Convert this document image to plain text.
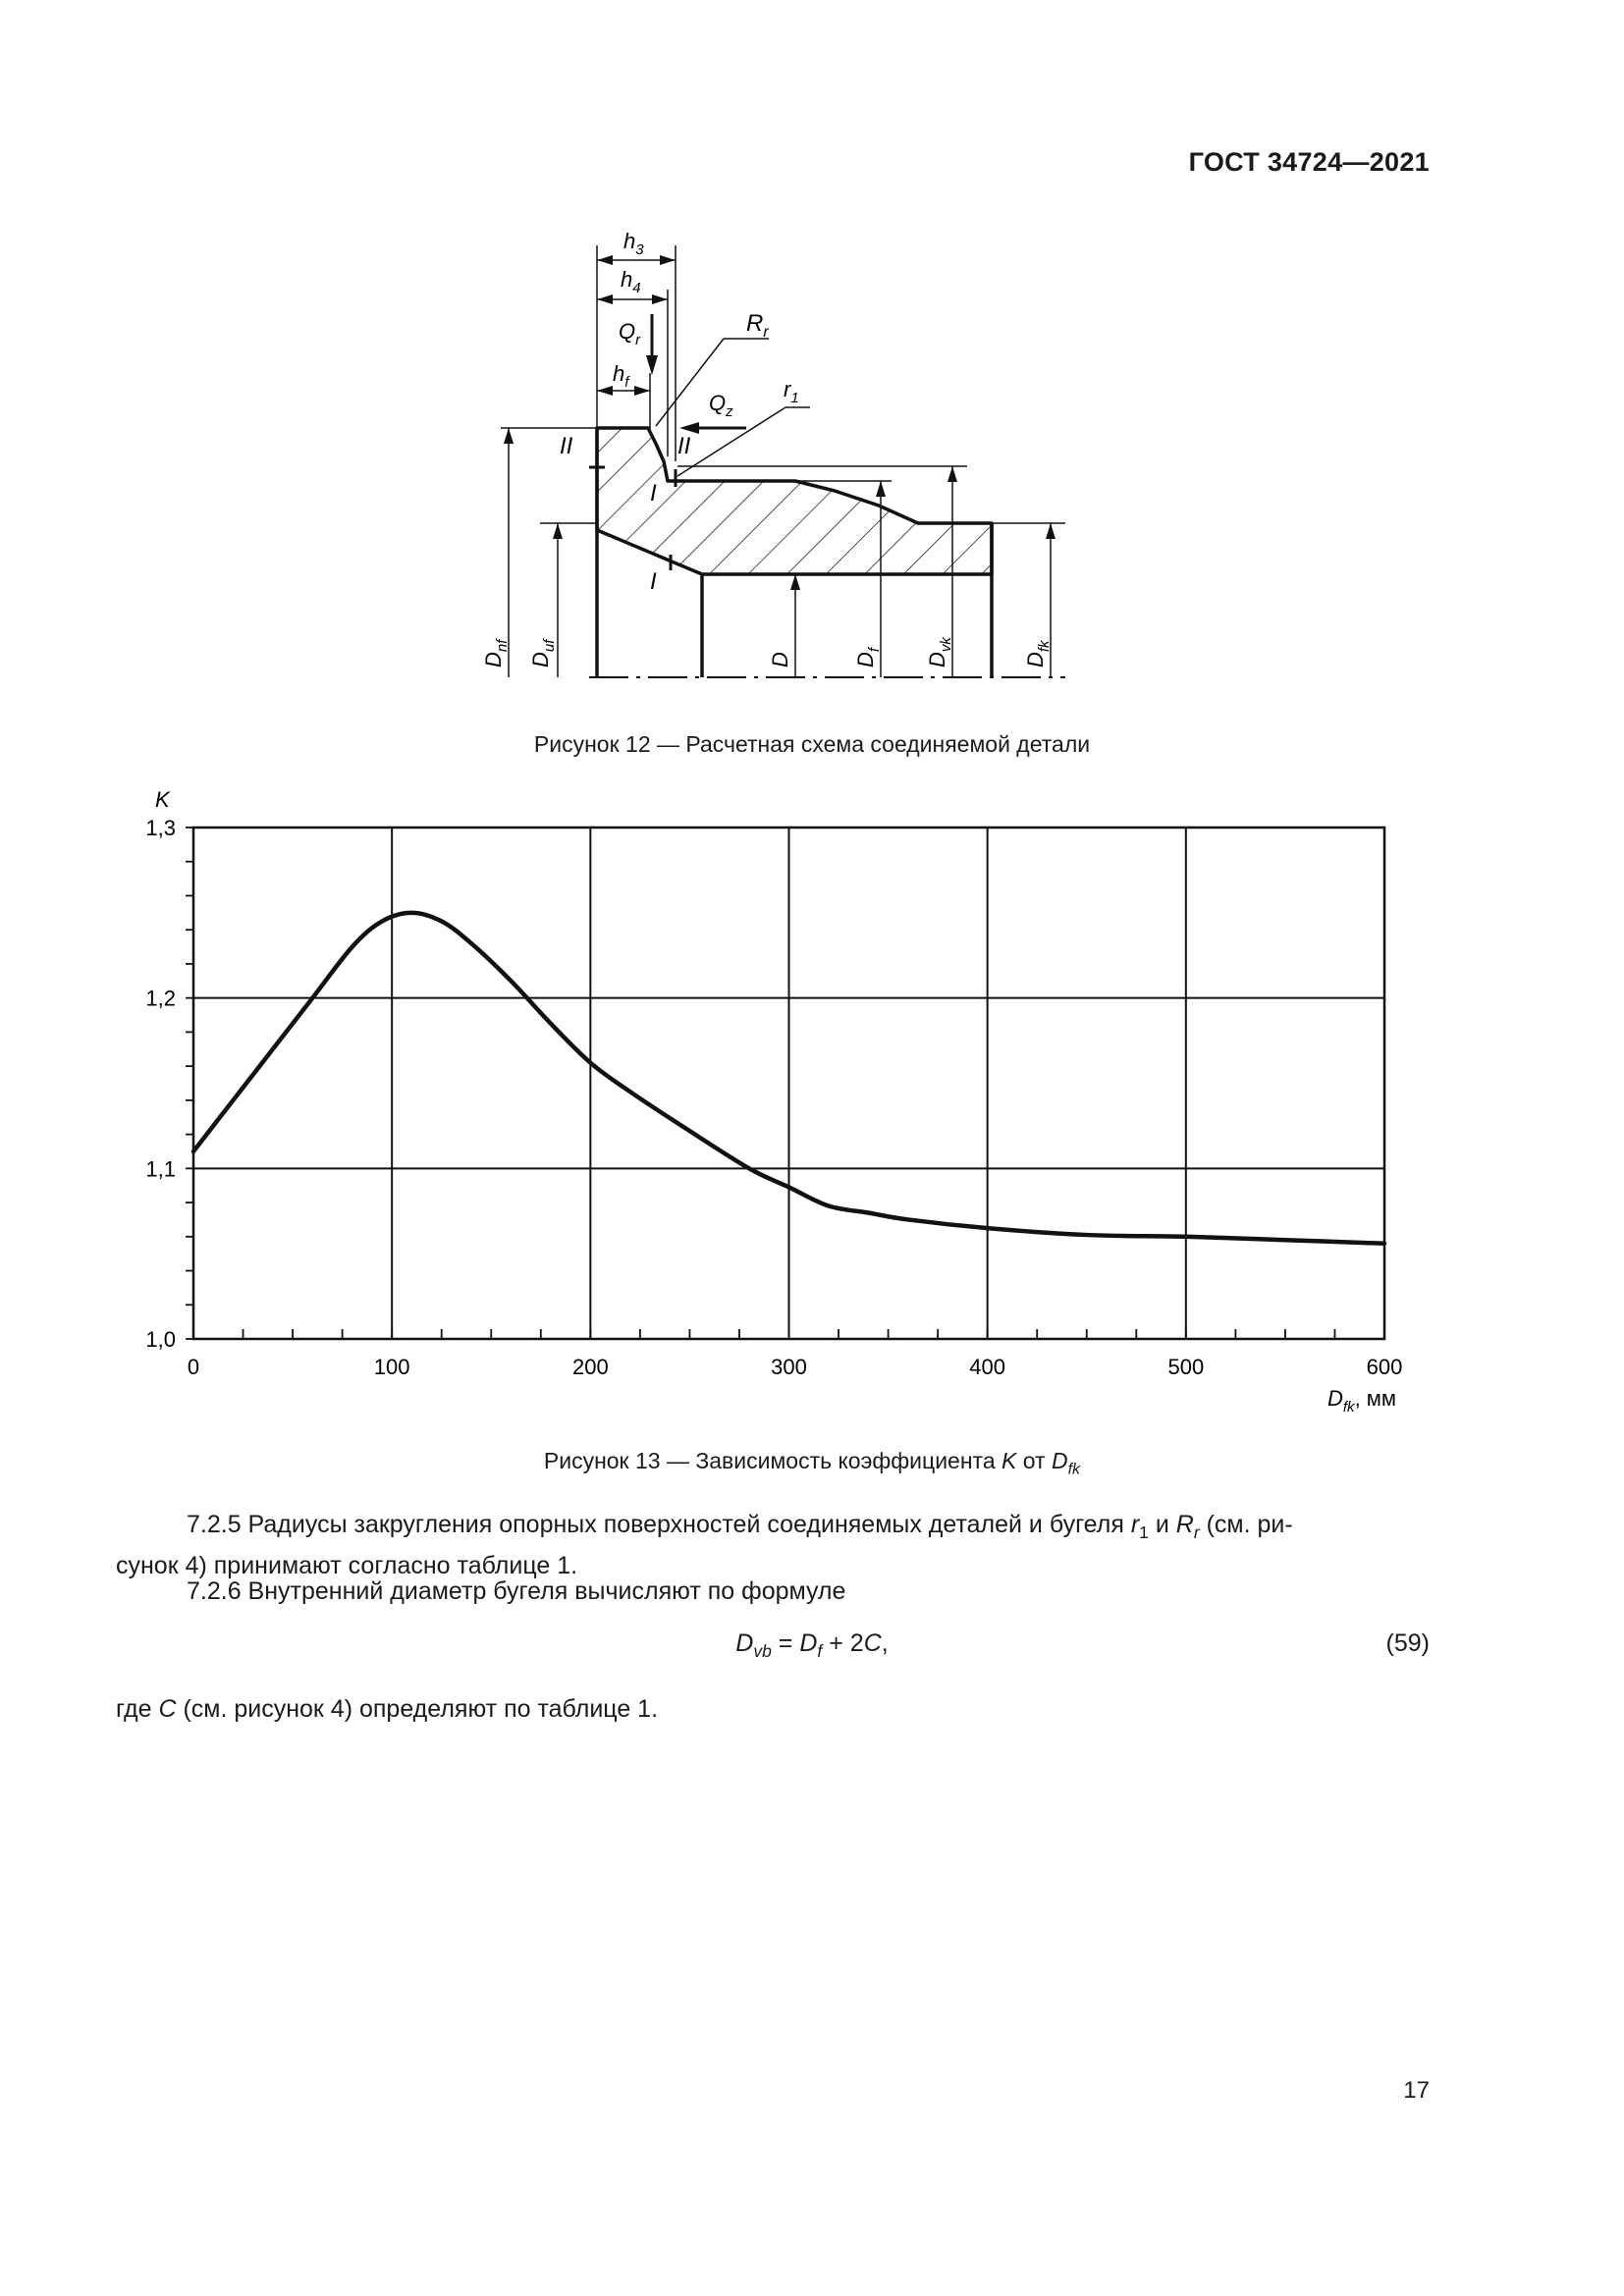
ГОСТ 34724—2021
$h_3$
$h_4$
$Q_r$
$R_r$
$h_f$
$Q_z$
$r_1$
II	II
I
I
$D_{nf}$
$D_{uf}$
D	$D_f$
$D_{vk}$
$D_{fk}$
Рисунок 12 — Расчетная схема соединяемой детали
0	100	200	300	400	500	600
1,0
1,1
1,2
1,3
K
$D_{fk}$, мм
Рисунок 13 — Зависимость коэффициента K от $D_{fk}$
7.2.5 Радиусы закругления опорных поверхностей соединяемых деталей и бугеля $r_1$ и $R_r$ (см. ри-
сунок 4) принимают согласно таблице 1.
7.2.6 Внутренний диаметр бугеля вычисляют по формуле
$D_{vb} = D_f + 2C$,	(59)
где C (см. рисунок 4) определяют по таблице 1.
17
